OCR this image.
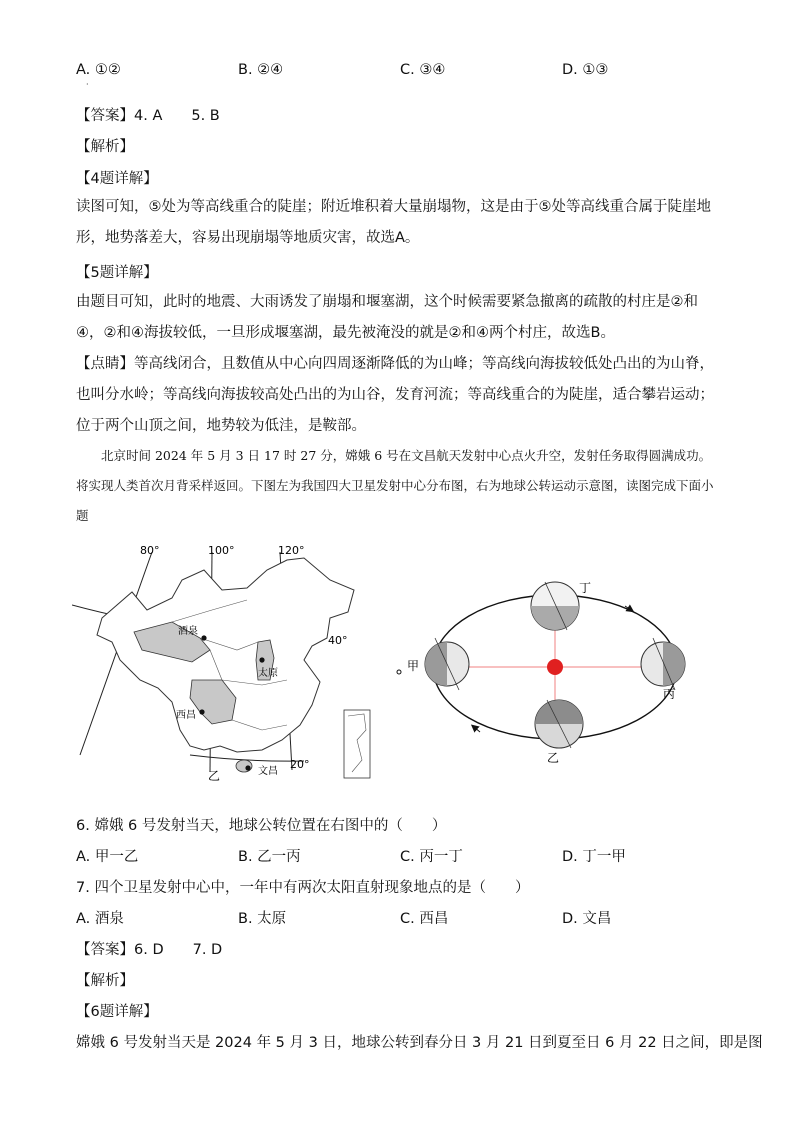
A. ①②	B. ②④	C. ③④	D. ①③
·
【答案】4. A　　5. B
【解析】
【4题详解】
读图可知，⑤处为等高线重合的陡崖；附近堆积着大量崩塌物，这是由于⑤处等高线重合属于陡崖地形，地势落差大，容易出现崩塌等地质灾害，故选A。
【5题详解】
由题目可知，此时的地震、大雨诱发了崩塌和堰塞湖，这个时候需要紧急撤离的疏散的村庄是②和④，②和④海拔较低，一旦形成堰塞湖，最先被淹没的就是②和④两个村庄，故选B。
【点睛】等高线闭合，且数值从中心向四周逐渐降低的为山峰；等高线向海拔较低处凸出的为山脊，也叫分水岭；等高线向海拔较高处凸出的为山谷，发育河流；等高线重合的为陡崖，适合攀岩运动；位于两个山顶之间，地势较为低洼，是鞍部。
北京时间 2024 年 5 月 3 日 17 时 27 分，嫦娥 6 号在文昌航天发射中心点火升空，发射任务取得圆满成功。将实现人类首次月背采样返回。下图左为我国四大卫星发射中心分布图，右为地球公转运动示意图，读图完成下面小题
80°	100°	120°
40°
20°
酒泉
太原
西昌
文昌
乙
甲
乙
丙
丁
6. 嫦娥 6 号发射当天，地球公转位置在右图中的（　　）
A. 甲一乙	B. 乙一丙	C. 丙一丁	D. 丁一甲
7. 四个卫星发射中心中，一年中有两次太阳直射现象地点的是（　　）
A. 酒泉	B. 太原	C. 西昌	D. 文昌
【答案】6. D　　7. D
【解析】
【6题详解】
嫦娥 6 号发射当天是 2024 年 5 月 3 日，地球公转到春分日 3 月 21 日到夏至日 6 月 22 日之间，即是图
